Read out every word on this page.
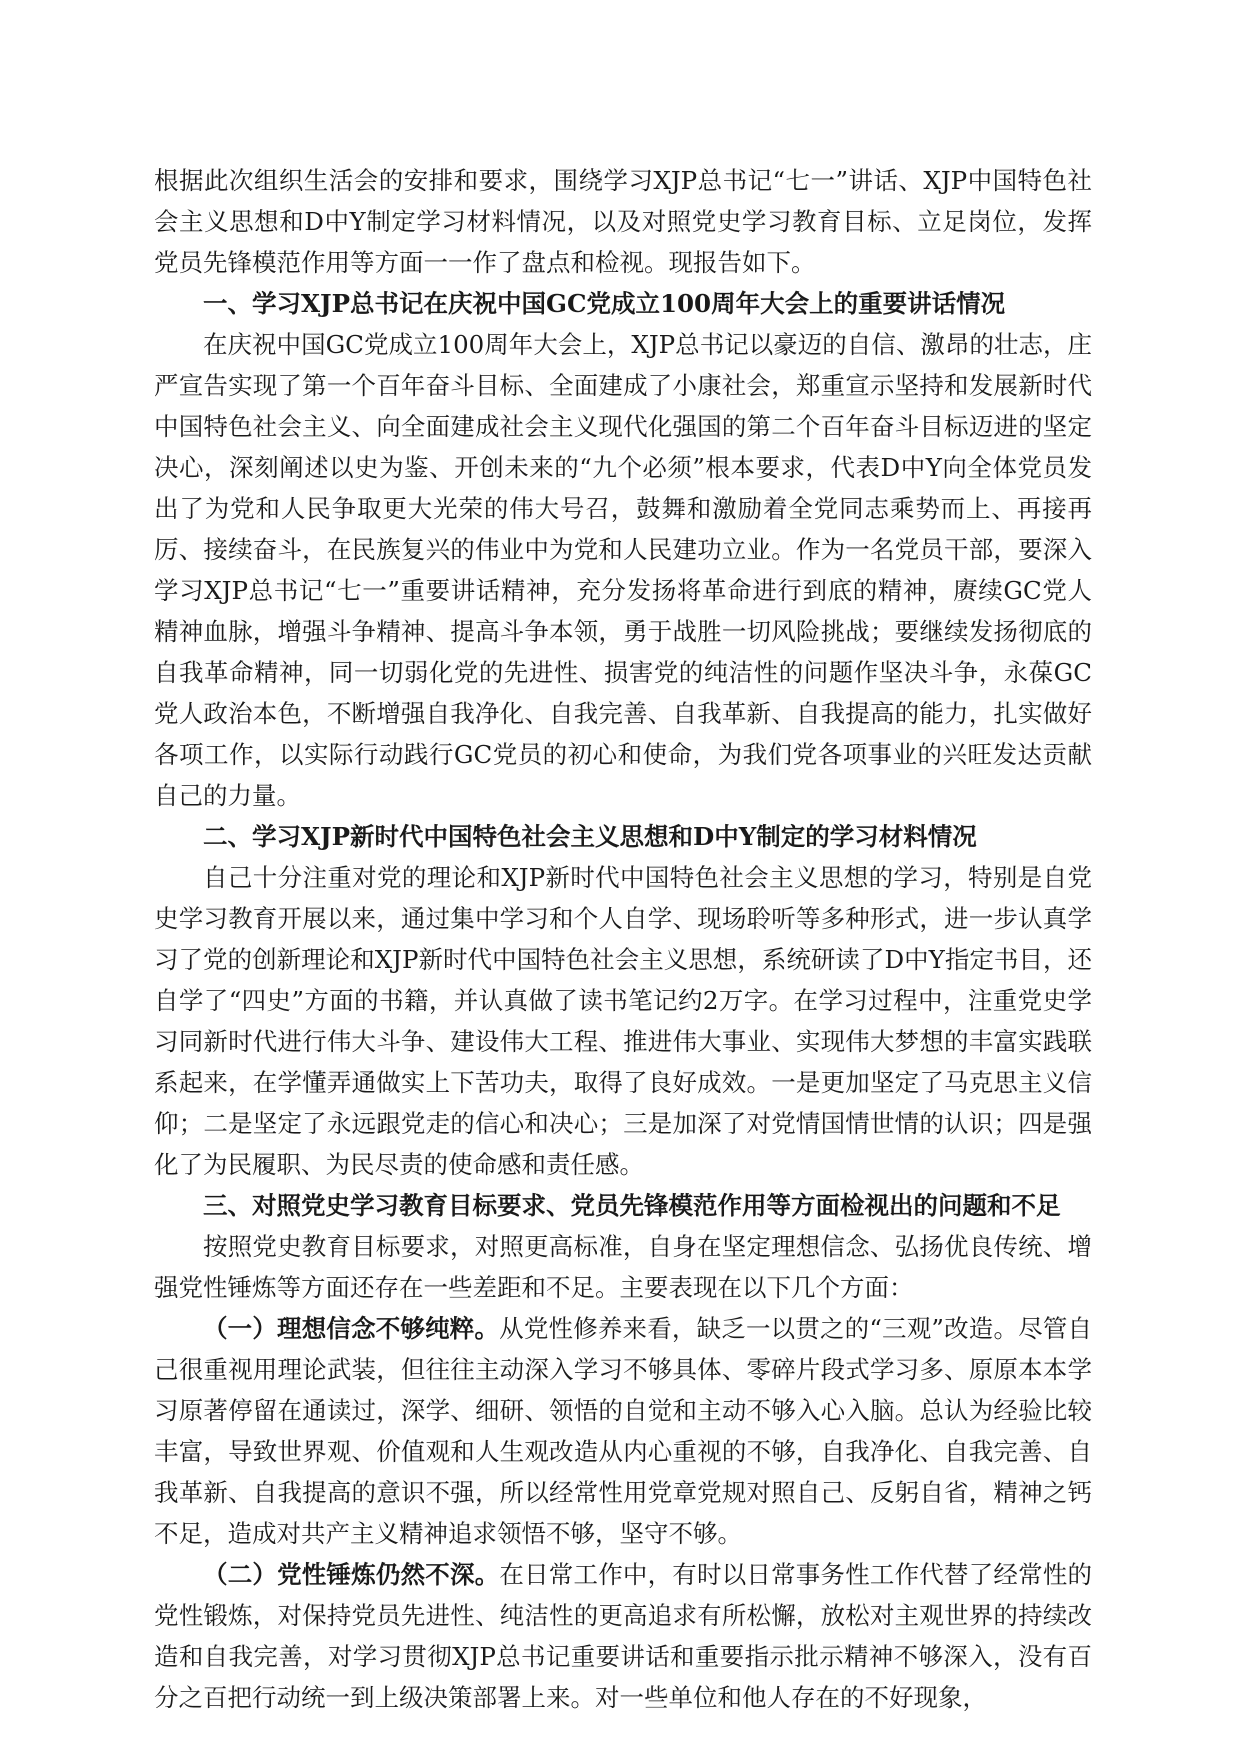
根据此次组织生活会的安排和要求，围绕学习XJP总书记“七一”讲话、XJP中国特色社会主义思想和D中Y制定学习材料情况，以及对照党史学习教育目标、立足岗位，发挥党员先锋模范作用等方面一一作了盘点和检视。现报告如下。

一、学习XJP总书记在庆祝中国GC党成立100周年大会上的重要讲话情况

在庆祝中国GC党成立100周年大会上，XJP总书记以豪迈的自信、激昂的壮志，庄严宣告实现了第一个百年奋斗目标、全面建成了小康社会，郑重宣示坚持和发展新时代中国特色社会主义、向全面建成社会主义现代化强国的第二个百年奋斗目标迈进的坚定决心，深刻阐述以史为鉴、开创未来的“九个必须”根本要求，代表D中Y向全体党员发出了为党和人民争取更大光荣的伟大号召，鼓舞和激励着全党同志乘势而上、再接再厉、接续奋斗，在民族复兴的伟业中为党和人民建功立业。作为一名党员干部，要深入学习XJP总书记“七一”重要讲话精神，充分发扬将革命进行到底的精神，赓续GC党人精神血脉，增强斗争精神、提高斗争本领，勇于战胜一切风险挑战；要继续发扬彻底的自我革命精神，同一切弱化党的先进性、损害党的纯洁性的问题作坚决斗争，永葆GC党人政治本色，不断增强自我净化、自我完善、自我革新、自我提高的能力，扎实做好各项工作，以实际行动践行GC党员的初心和使命，为我们党各项事业的兴旺发达贡献自己的力量。

二、学习XJP新时代中国特色社会主义思想和D中Y制定的学习材料情况

自己十分注重对党的理论和XJP新时代中国特色社会主义思想的学习，特别是自党史学习教育开展以来，通过集中学习和个人自学、现场聆听等多种形式，进一步认真学习了党的创新理论和XJP新时代中国特色社会主义思想，系统研读了D中Y指定书目，还自学了“四史”方面的书籍，并认真做了读书笔记约2万字。在学习过程中，注重党史学习同新时代进行伟大斗争、建设伟大工程、推进伟大事业、实现伟大梦想的丰富实践联系起来，在学懂弄通做实上下苦功夫，取得了良好成效。一是更加坚定了马克思主义信仰；二是坚定了永远跟党走的信心和决心；三是加深了对党情国情世情的认识；四是强化了为民履职、为民尽责的使命感和责任感。

三、对照党史学习教育目标要求、党员先锋模范作用等方面检视出的问题和不足

按照党史教育目标要求，对照更高标准，自身在坚定理想信念、弘扬优良传统、增强党性锤炼等方面还存在一些差距和不足。主要表现在以下几个方面：

（一）理想信念不够纯粹。从党性修养来看，缺乏一以贯之的“三观”改造。尽管自己很重视用理论武装，但往往主动深入学习不够具体、零碎片段式学习多、原原本本学习原著停留在通读过，深学、细研、领悟的自觉和主动不够入心入脑。总认为经验比较丰富，导致世界观、价值观和人生观改造从内心重视的不够，自我净化、自我完善、自我革新、自我提高的意识不强，所以经常性用党章党规对照自己、反躬自省，精神之钙不足，造成对共产主义精神追求领悟不够，坚守不够。

（二）党性锤炼仍然不深。在日常工作中，有时以日常事务性工作代替了经常性的党性锻炼，对保持党员先进性、纯洁性的更高追求有所松懈，放松对主观世界的持续改造和自我完善，对学习贯彻XJP总书记重要讲话和重要指示批示精神不够深入，没有百分之百把行动统一到上级决策部署上来。对一些单位和他人存在的不好现象，
